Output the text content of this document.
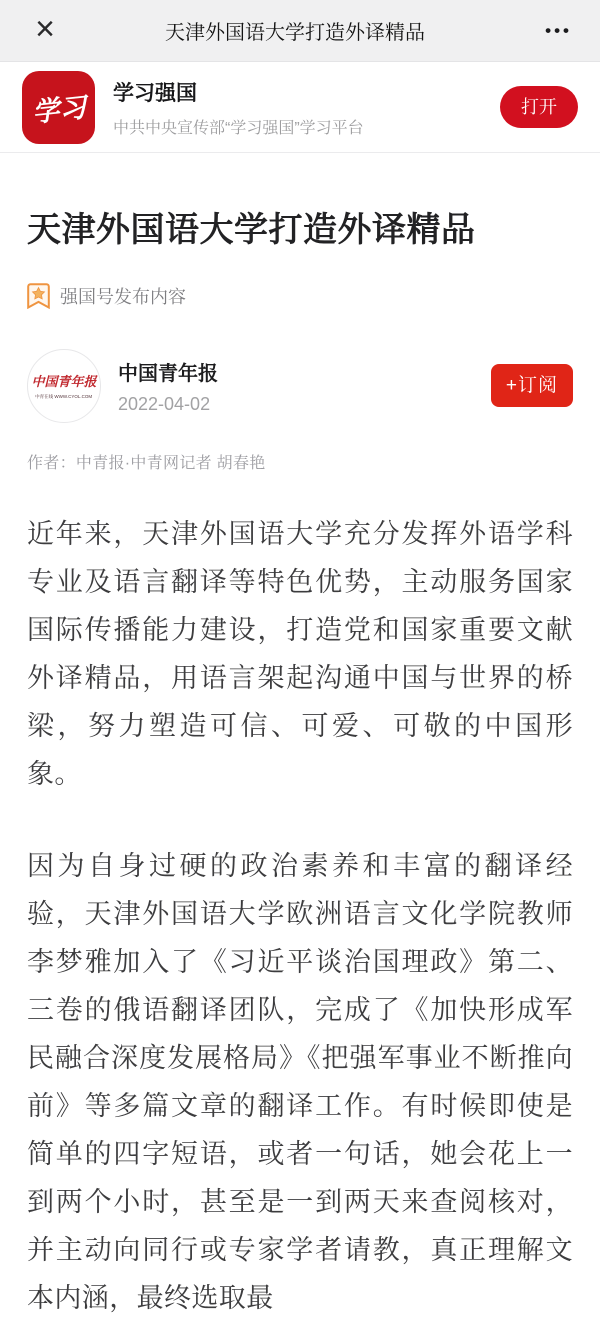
×	天津外国语大学打造外译精品	•••
学习 学习强国
中共中央宣传部“学习强国”学习平台
打开
天津外国语大学打造外译精品
强国号发布内容
中国青年报
中青在线 WWW.CYOL.COM
中国青年报
2022-04-02
+订阅
作者：中青报·中青网记者 胡春艳

近年来，天津外国语大学充分发挥外语学科专业及语言翻译等特色优势，主动服务国家国际传播能力建设，打造党和国家重要文献外译精品，用语言架起沟通中国与世界的桥梁，努力塑造可信、可爱、可敬的中国形象。

因为自身过硬的政治素养和丰富的翻译经验，天津外国语大学欧洲语言文化学院教师李梦雅加入了《习近平谈治国理政》第二、三卷的俄语翻译团队，完成了《加快形成军民融合深度发展格局》《把强军事业不断推向前》等多篇文章的翻译工作。有时候即使是简单的四字短语，或者一句话，她会花上一到两个小时，甚至是一到两天来查阅核对，并主动向同行或专家学者请教，真正理解文本内涵，最终选取最
